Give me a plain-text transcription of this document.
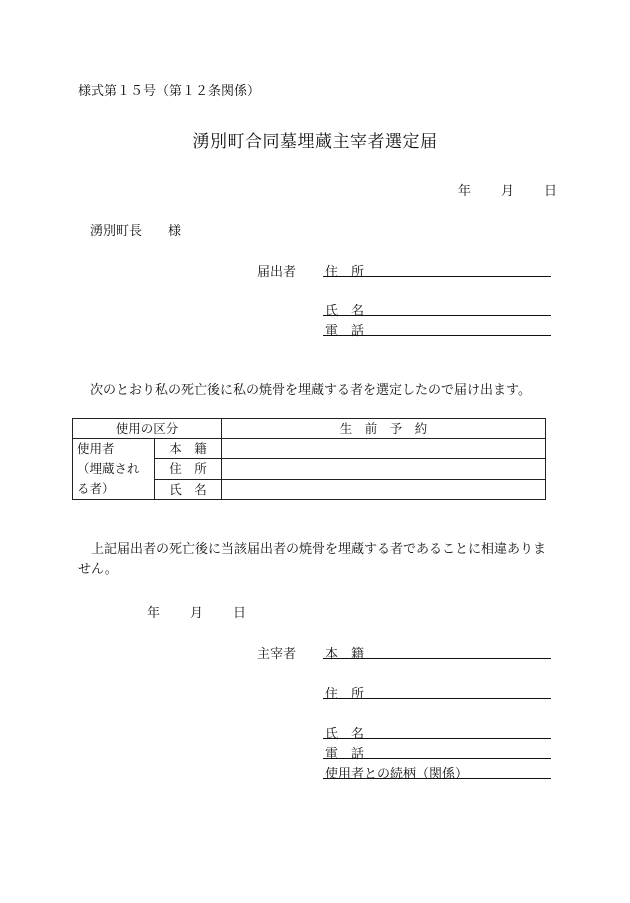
様式第１５号（第１２条関係）
湧別町合同墓埋蔵主宰者選定届
年 月 日
湧別町長　　様
届出者 住　所
氏　名
電　話
次のとおり私の死亡後に私の焼骨を埋蔵する者を選定したので届け出ます。
使用の区分		生　前　予　約

使用者
（埋蔵され
る者）	本　籍	
	住　所	
	氏　名	
上記届出者の死亡後に当該届出者の焼骨を埋蔵する者であることに相違ありません。
年 月 日
主宰者 本　籍
住　所
氏　名
電　話
使用者との続柄（関係）
